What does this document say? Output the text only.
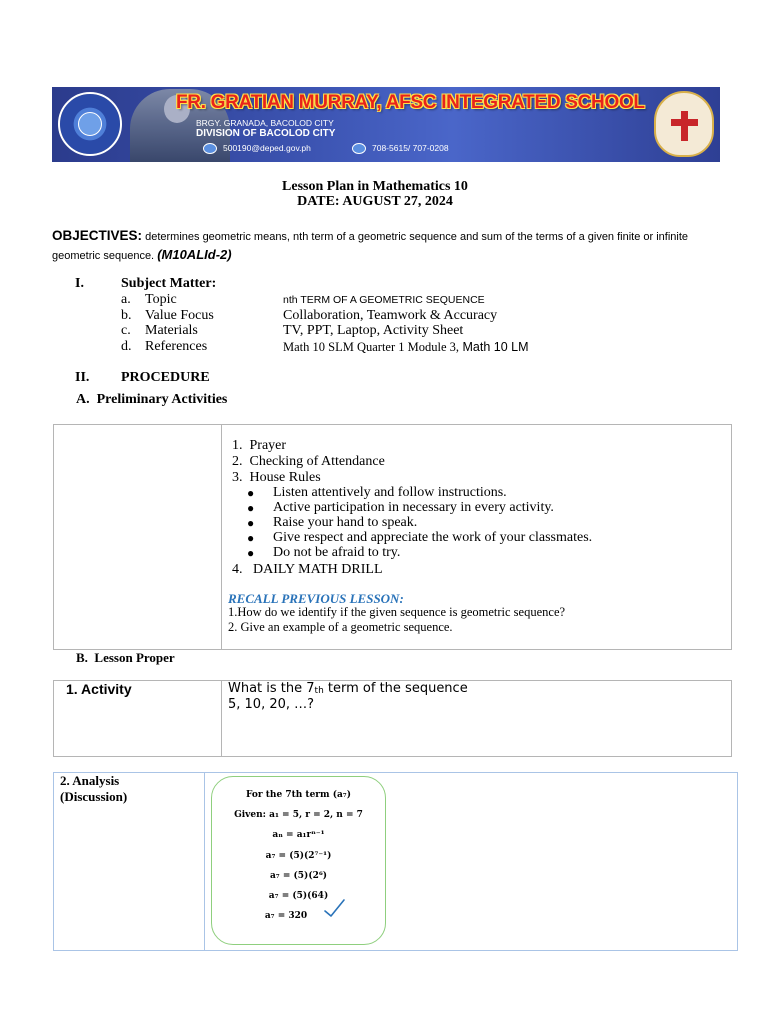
FR. GRATIAN MURRAY, AFSC INTEGRATED SCHOOL
BRGY. GRANADA, BACOLOD CITY
DIVISION OF BACOLOD CITY
500190@deped.gov.ph	708-5615/ 707-0208
Lesson Plan in Mathematics 10
DATE: AUGUST 27, 2024
OBJECTIVES: determines geometric means, nth term of a geometric sequence and sum of the terms of a given finite or infinite geometric sequence. (M10ALId-2)
I.	Subject Matter:
a.	Topic	nth TERM OF A GEOMETRIC SEQUENCE
b. Value Focus	Collaboration, Teamwork & Accuracy
c.	Materials	TV, PPT, Laptop, Activity Sheet
d. References	Math 10 SLM Quarter 1 Module 3, Math 10 LM
II. PROCEDURE
A.  Preliminary Activities
1.  Prayer
2.  Checking of Attendance
3.  House Rules
● Listen attentively and follow instructions.
● Active participation in necessary in every activity.
● Raise your hand to speak.
● Give respect and appreciate the work of your classmates.
● Do not be afraid to try.
4.   DAILY MATH DRILL
RECALL PREVIOUS LESSON:
1.How do we identify if the given sequence is geometric sequence?
2. Give an example of a geometric sequence.
B.  Lesson Proper
1. Activity	What is the $7_{th}$ term of the sequence
5, 10, 20, …?
2. Analysis
(Discussion)	For the 7th term (a₇)
Given: a₁ = 5, r = 2, n = 7
aₙ = a₁rⁿ⁻¹
a₇ = (5)(2⁷⁻¹)
a₇ = (5)(2⁶)
a₇ = (5)(64)
a₇ = 320
